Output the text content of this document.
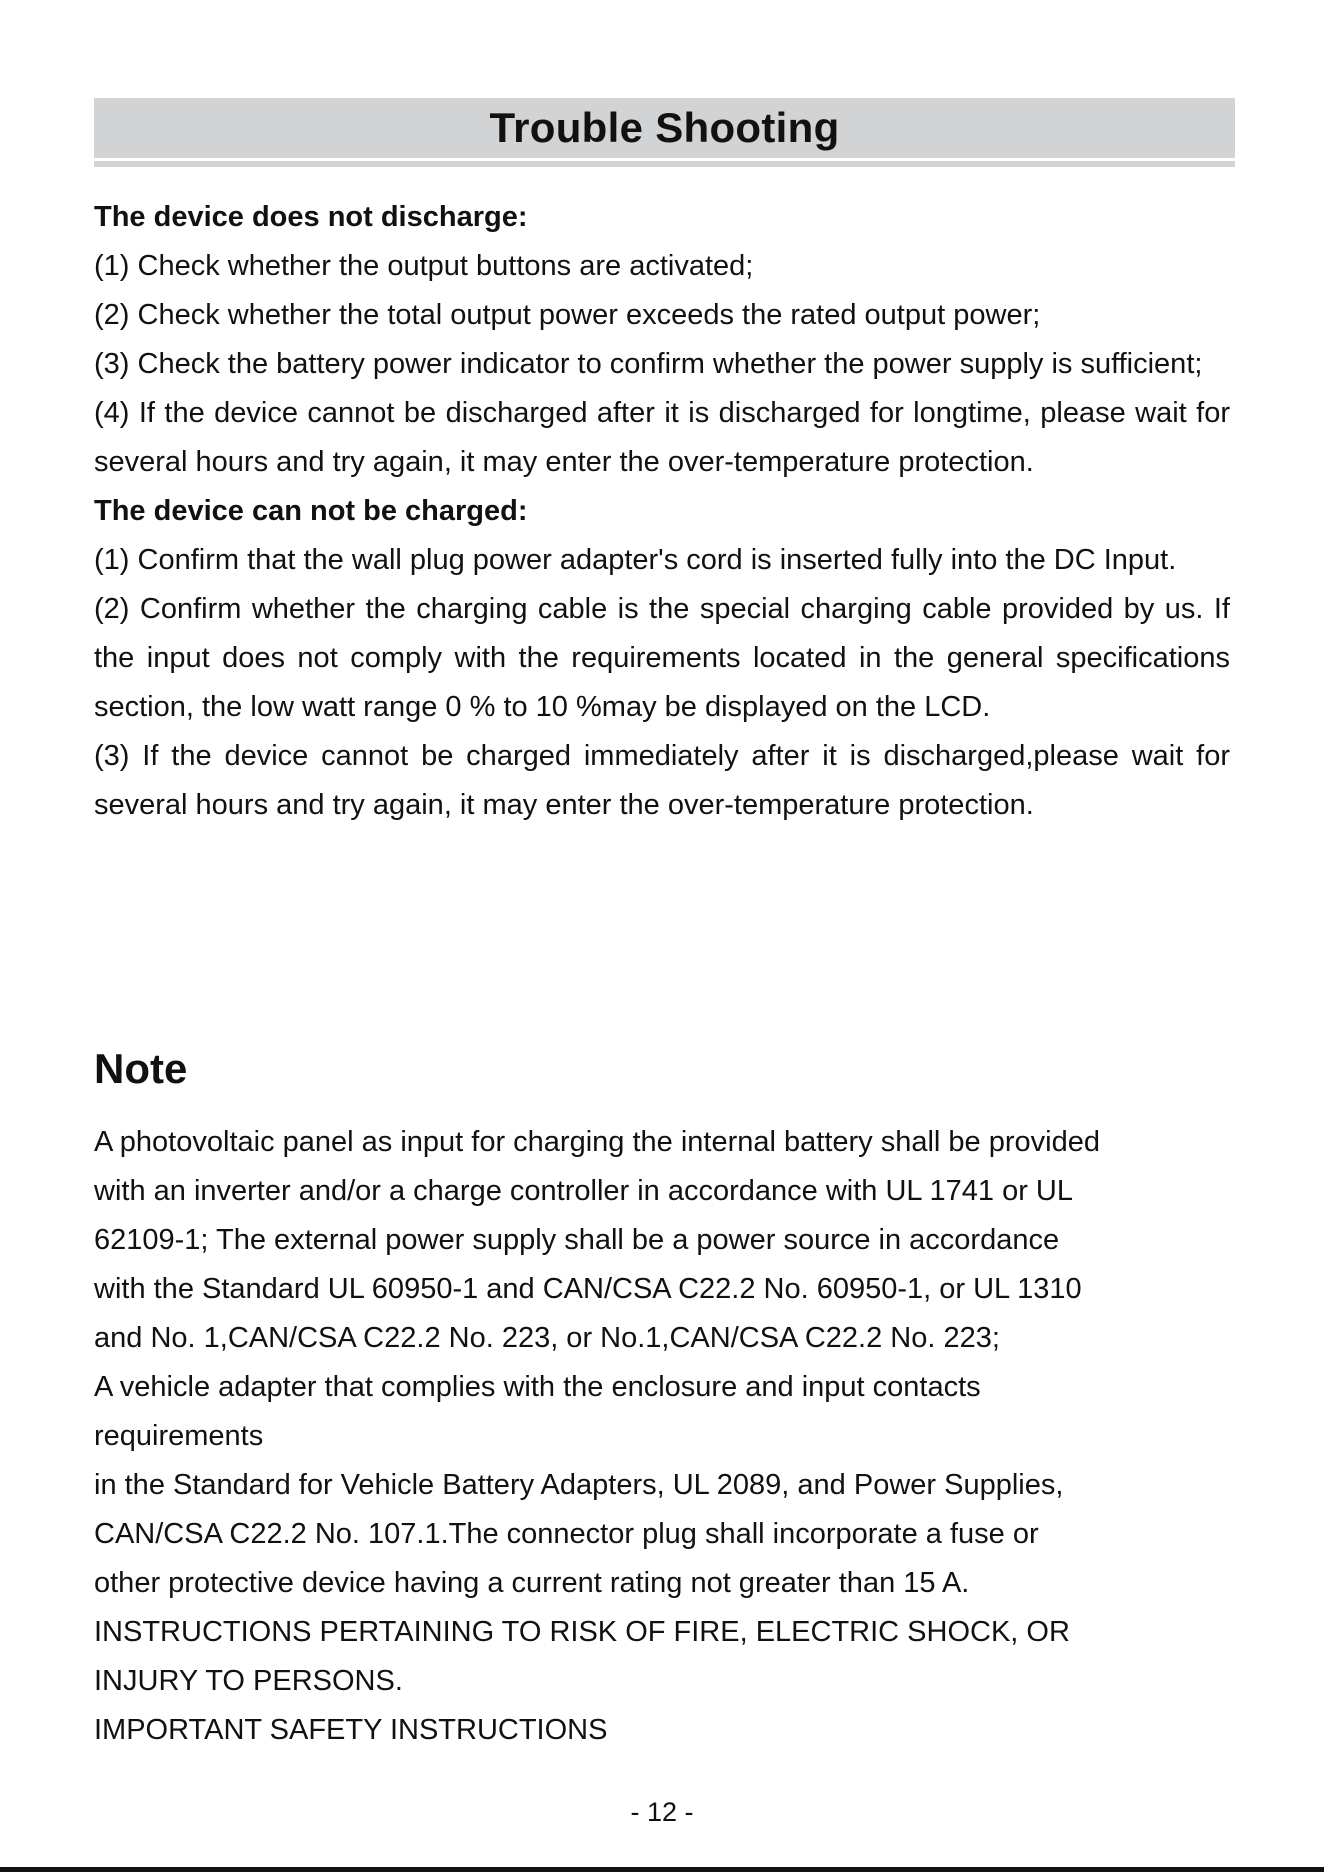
Trouble Shooting

The device does not discharge:

(1) Check whether the output buttons are activated;

(2) Check whether the total output power exceeds the rated output power;

(3) Check the battery power indicator to confirm whether the power supply is sufficient;

(4) If the device cannot be discharged after it is discharged for longtime, please wait for several hours and try again, it may enter the over-temperature protection.

The device can not be charged:

(1) Confirm that the wall plug power adapter's cord is inserted fully into the DC Input.

(2) Confirm whether the charging cable is the special charging cable provided by us. If the input does not comply with the requirements located in the general specifications section, the low watt range 0 % to 10 %may be displayed on the LCD.

(3) If the device cannot be charged immediately after it is discharged,please wait for several hours and try again, it may enter the over-temperature protection.

Note

A photovoltaic panel as input for charging the internal battery shall be provided

with an inverter and/or a charge controller in accordance with UL 1741 or UL

62109-1; The external power supply shall be a power source in accordance

with the Standard UL 60950-1 and CAN/CSA C22.2 No. 60950-1, or UL 1310

and No. 1,CAN/CSA C22.2 No. 223, or No.1,CAN/CSA C22.2 No. 223;

A vehicle adapter that complies with the enclosure and input contacts

requirements

in the Standard for Vehicle Battery Adapters, UL 2089, and Power Supplies,

CAN/CSA C22.2 No. 107.1.The connector plug shall incorporate a fuse or

other protective device having a current rating not greater than 15 A.

INSTRUCTIONS PERTAINING TO RISK OF FIRE, ELECTRIC SHOCK, OR

INJURY TO PERSONS.

IMPORTANT SAFETY INSTRUCTIONS

- 12 -
